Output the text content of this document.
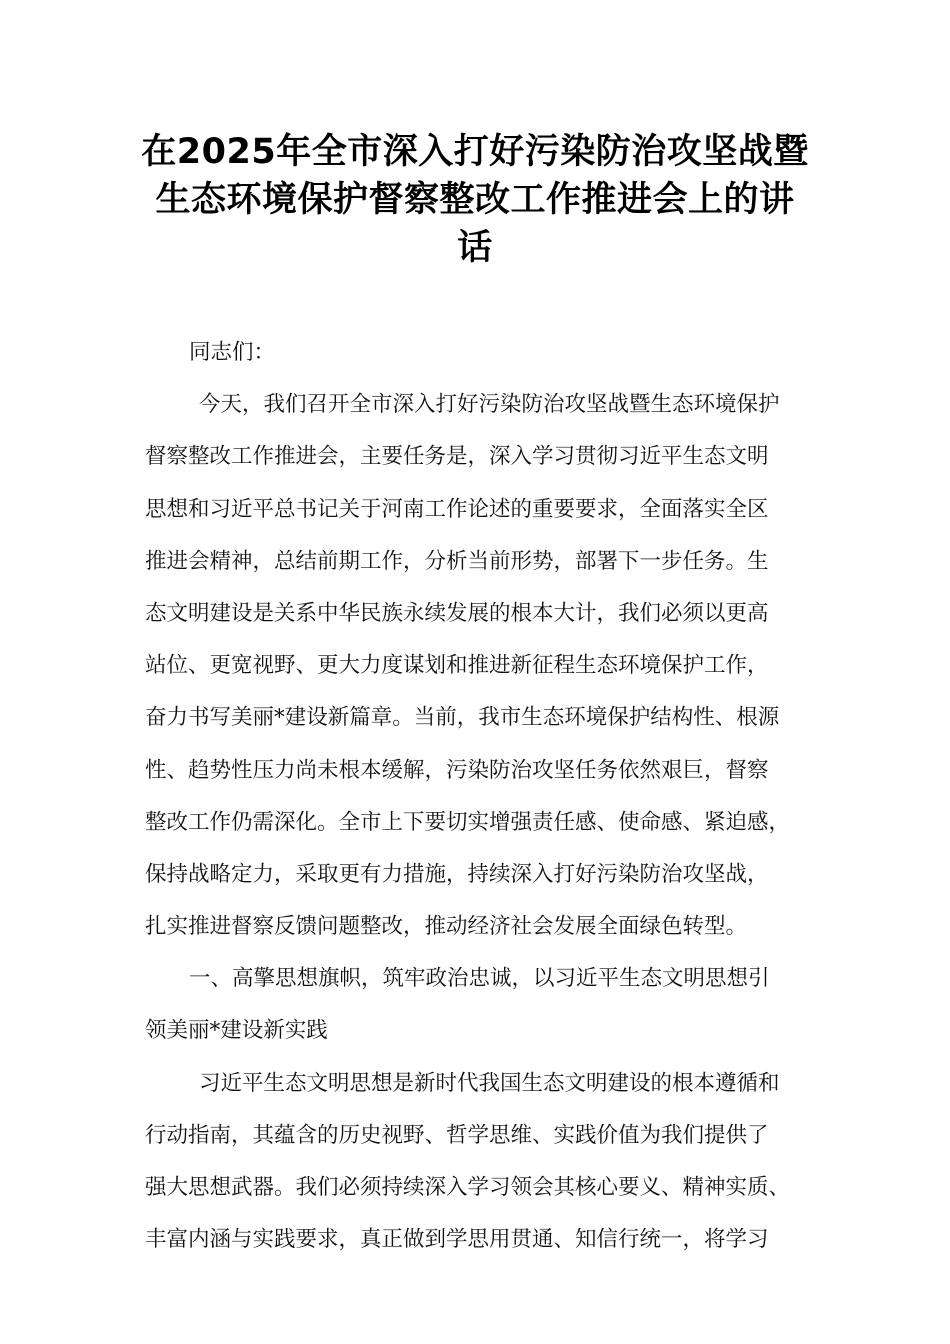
在2025年全市深入打好污染防治攻坚战暨
生态环境保护督察整改工作推进会上的讲
话
同志们：

今天，我们召开全市深入打好污染防治攻坚战暨生态环境保护
督察整改工作推进会，主要任务是，深入学习贯彻习近平生态文明
思想和习近平总书记关于河南工作论述的重要要求，全面落实全区
推进会精神，总结前期工作，分析当前形势，部署下一步任务。生
态文明建设是关系中华民族永续发展的根本大计，我们必须以更高
站位、更宽视野、更大力度谋划和推进新征程生态环境保护工作，
奋力书写美丽*建设新篇章。当前，我市生态环境保护结构性、根源
性、趋势性压力尚未根本缓解，污染防治攻坚任务依然艰巨，督察
整改工作仍需深化。全市上下要切实增强责任感、使命感、紧迫感，
保持战略定力，采取更有力措施，持续深入打好污染防治攻坚战，
扎实推进督察反馈问题整改，推动经济社会发展全面绿色转型。

一、高擎思想旗帜，筑牢政治忠诚，以习近平生态文明思想引
领美丽*建设新实践

习近平生态文明思想是新时代我国生态文明建设的根本遵循和
行动指南，其蕴含的历史视野、哲学思维、实践价值为我们提供了
强大思想武器。我们必须持续深入学习领会其核心要义、精神实质、
丰富内涵与实践要求，真正做到学思用贯通、知信行统一，将学习
